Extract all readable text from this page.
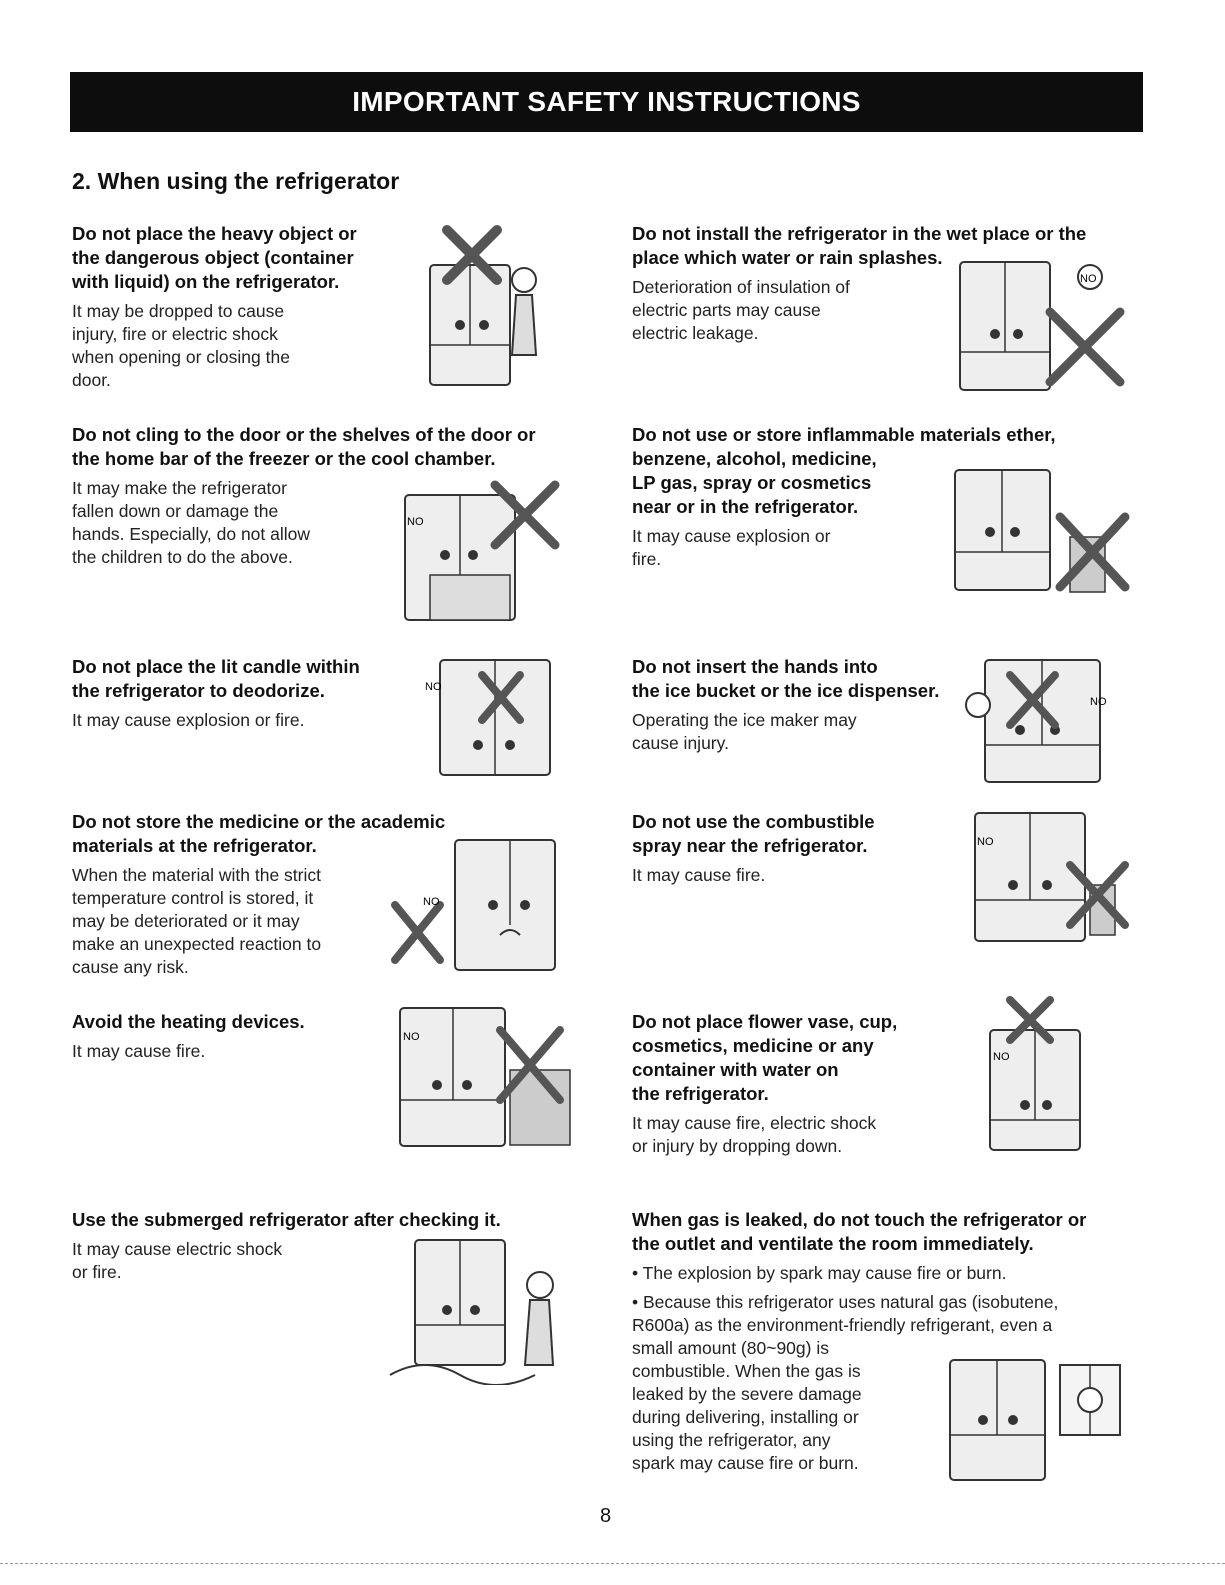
IMPORTANT SAFETY INSTRUCTIONS
2. When using the refrigerator
Do not place the heavy object or
the dangerous object (container
with liquid) on the refrigerator.
It may be dropped to cause
injury, fire or electric shock
when opening or closing the
door.
Do not install the refrigerator in the wet place or the
place which water or rain splashes.
Deterioration of insulation of
electric parts may cause
electric leakage.
NO
Do not cling to the door or the shelves of the door or
the home bar of the freezer or the cool chamber.
It may make the refrigerator
fallen down or damage the
hands. Especially, do not allow
the children to do the above.
NO
Do not use or store inflammable materials ether,
benzene, alcohol, medicine,
LP gas, spray or cosmetics
near or in the refrigerator.
It may cause explosion or
fire.
Do not place the lit candle within
the refrigerator to deodorize.
It may cause explosion or fire.
NO
Do not insert the hands into
the ice bucket or the ice dispenser.
Operating the ice maker may
cause injury.
NO
Do not store the medicine or the academic
materials at the refrigerator.
When the material with the strict
temperature control is stored, it
may be deteriorated or it may
make an unexpected reaction to
cause any risk.
NO
Do not use the combustible
spray near the refrigerator.
It may cause fire.
NO
Avoid the heating devices.
It may cause fire.
NO
Do not place flower vase, cup,
cosmetics, medicine or any
container with water on
the refrigerator.
It may cause fire, electric shock
or injury by dropping down.
NO
Use the submerged refrigerator after checking it.
It may cause electric shock
or fire.
When gas is leaked, do not touch the refrigerator or
the outlet and ventilate the room immediately.
• The explosion by spark may cause fire or burn.
• Because this refrigerator uses natural gas (isobutene,
R600a) as the environment-friendly refrigerant, even a
small amount (80~90g) is
combustible. When the gas is
leaked by the severe damage
during delivering, installing or
using the refrigerator, any
spark may cause fire or burn.
8
